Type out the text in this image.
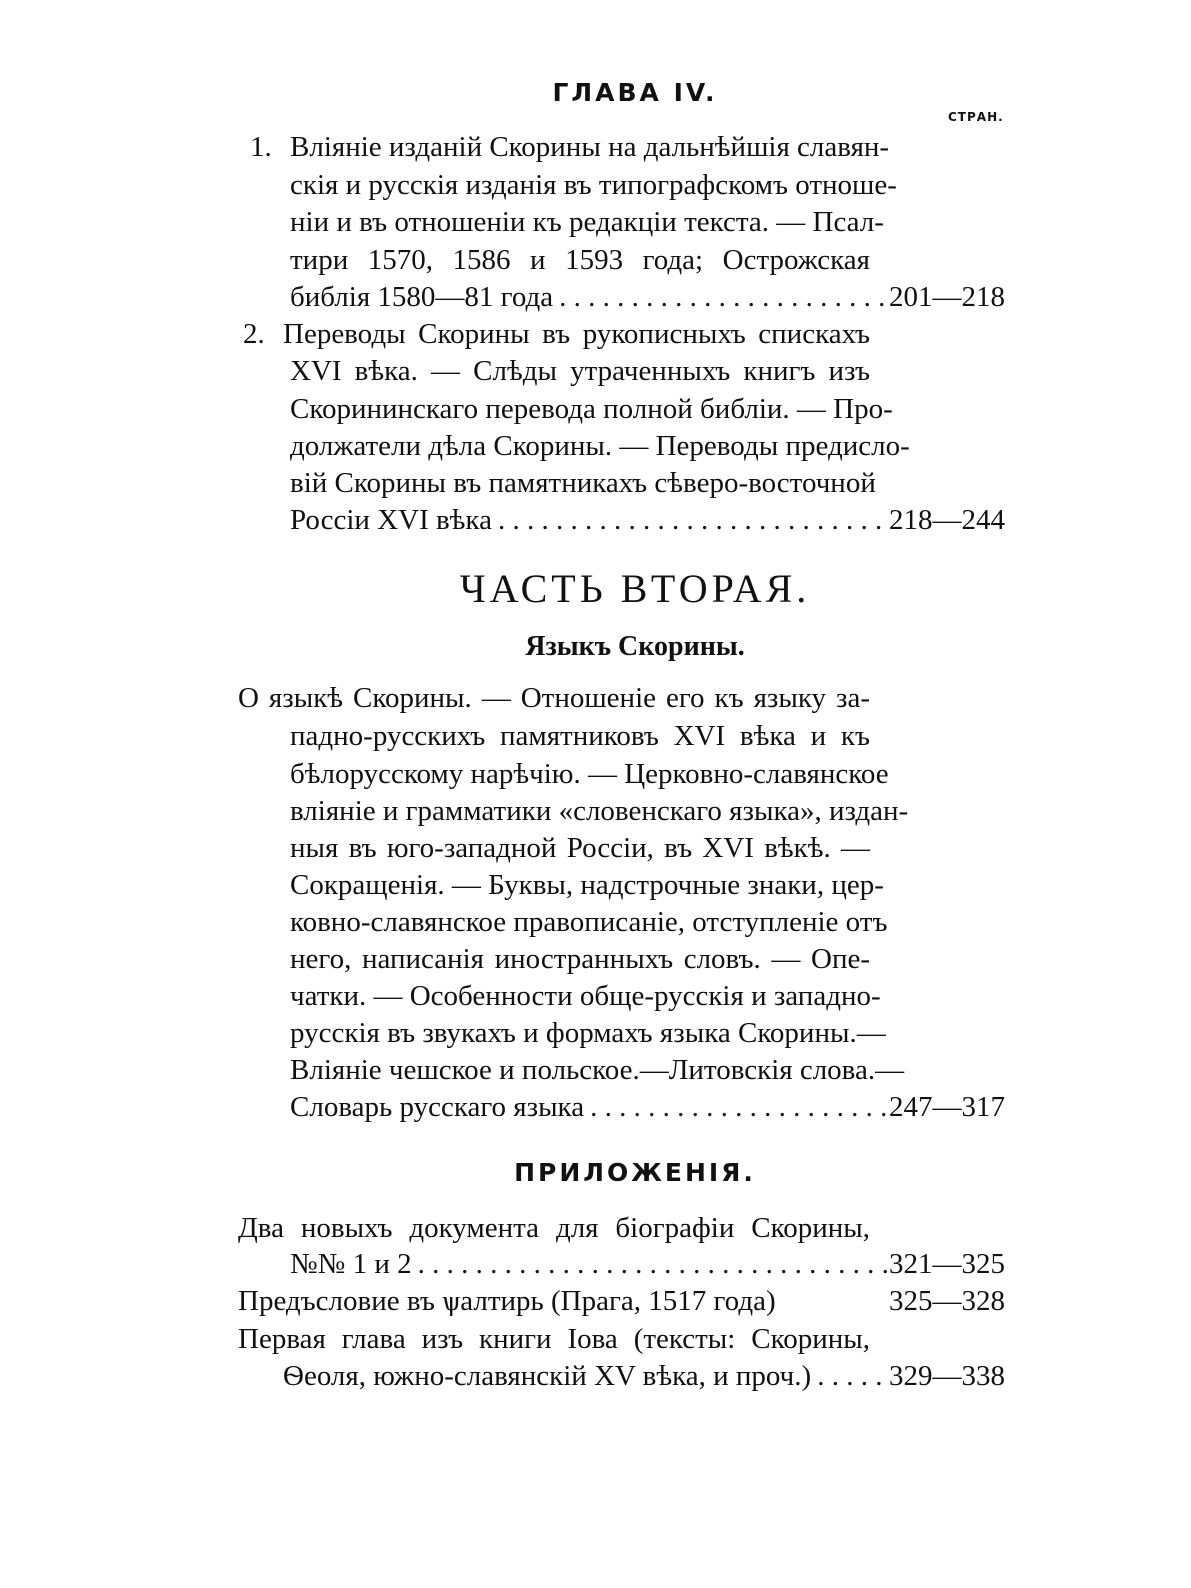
ГЛАВА IV.
СТРАН.
1. Вліяніе изданій Скорины на дальнѣйшія славян-
скія и русскія изданія въ типографскомъ отноше-
ніи и въ отношеніи къ редакціи текста. — Псал-
тири 1570, 1586 и 1593 года; Острожская
библія 1580—81 года . . .	201—218
2. Переводы Скорины въ рукописныхъ спискахъ
XVI вѣка. — Слѣды утраченныхъ книгъ изъ
Скорининскаго перевода полной библіи. — Про-
должатели дѣла Скорины. — Переводы предисло-
вій Скорины въ памятникахъ сѣверо-восточной
Россіи XVI вѣка . . .	218—244
ЧАСТЬ ВТОРАЯ.
Языкъ Скорины.
О языкѣ Скорины. — Отношеніе его къ языку за-
падно-русскихъ памятниковъ XVI вѣка и къ
бѣлорусскому нарѣчію. — Церковно-славянское
вліяніе и грамматики «словенскаго языка», издан-
ныя въ юго-западной Россіи, въ XVI вѣкѣ. —
Сокращенія. — Буквы, надстрочные знаки, цер-
ковно-славянское правописаніе, отступленіе отъ
него, написанія иностранныхъ словъ. — Опе-
чатки. — Особенности обще-русскія и западно-
русскія въ звукахъ и формахъ языка Скорины.—
Вліяніе чешское и польское.—Литовскія слова.—
Словарь русскаго языка . . .	247—317
ПРИЛОЖЕНІЯ.
Два новыхъ документа для біографіи Скорины,
№№ 1 и 2 . . .	321—325
Предъсловие въ ѱалтирь (Прага, 1517 года)	325—328
Первая глава изъ книги Іова (тексты: Скорины,
Ѳеоля, южно-славянскій XV вѣка, и проч.) . . .	329—338
